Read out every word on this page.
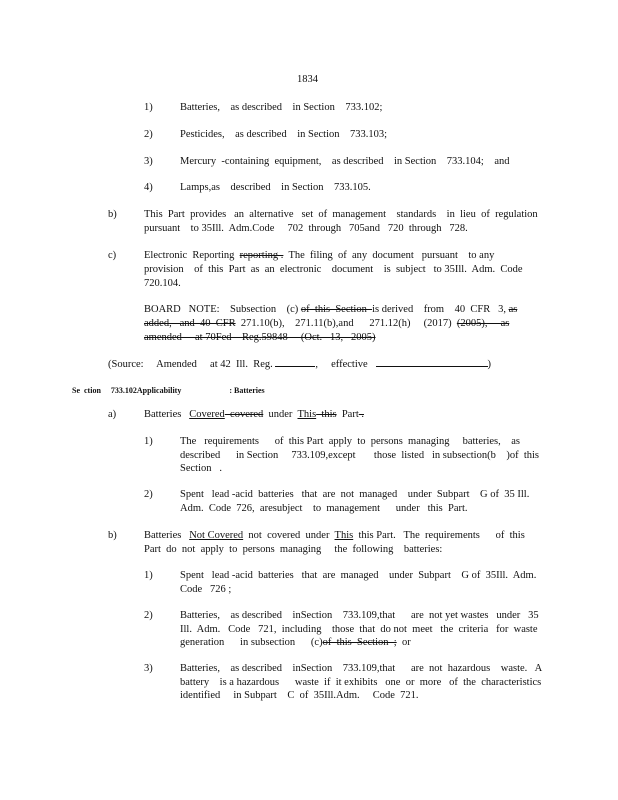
1834
1)	Batteries,    as described    in Section    733.102;
2)	Pesticides,    as described    in Section    733.103;
3)	Mercury  -containing  equipment,    as described    in Section    733.104;    and
4)	Lamps,as    described    in Section    733.105.
b)	This  Part  provides   an  alternative   set  of  management    standards    in  lieu  of  regulation
pursuant    to 35Ill.  Adm.Code     702  through   705and   720  through   728.
c)	Electronic  Reporting  reporting .  The  filing  of  any  document   pursuant    to any
provision    of  this  Part  as  an  electronic    document    is  subject   to 35Ill.  Adm.  Code
720.104.
BOARD   NOTE:    Subsection    (c) of  this  Section  is derived    from    40  CFR   3, as
added,   and  40  CFR  271.10(b),    271.11(b),and      271.12(h)     (2017)  (2005),     as
amended     at 70Fed    Reg.59848     (Oct.   13,   2005)
(Source:     Amended     at 42  Ill.  Reg.	,     effective	)
Se  ction 733.102Applicability	: Batteries
a)	Batteries   Covered  covered  under  This  this  Part .
1)	The   requirements      of  this Part  apply  to  persons  managing     batteries,    as
described      in Section     733.109,except       those  listed   in subsection(b    )of  this
Section   .
2)	Spent   lead -acid  batteries   that  are  not  managed    under  Subpart    G of  35 Ill.
Adm.  Code  726,  aresubject    to  management      under   this  Part.
b)	Batteries   Not Covered  not  covered  under  This  this Part.   The  requirements      of  this
Part  do  not  apply  to  persons  managing     the  following    batteries:
1)	Spent   lead -acid  batteries   that  are  managed    under  Subpart    G of  35Ill.  Adm.
Code   726 ;
2)	Batteries,    as described    inSection    733.109,that      are  not yet wastes   under   35
Ill.  Adm.   Code   721,  including    those  that  do not  meet   the  criteria   for  waste
generation      in subsection      (c)of  this  Section  ;  or
3)	Batteries,    as described    inSection    733.109,that      are  not  hazardous    waste.   A
battery    is a hazardous      waste  if  it exhibits   one  or  more   of  the  characteristics
identified     in Subpart    C  of  35Ill.Adm.     Code  721.
